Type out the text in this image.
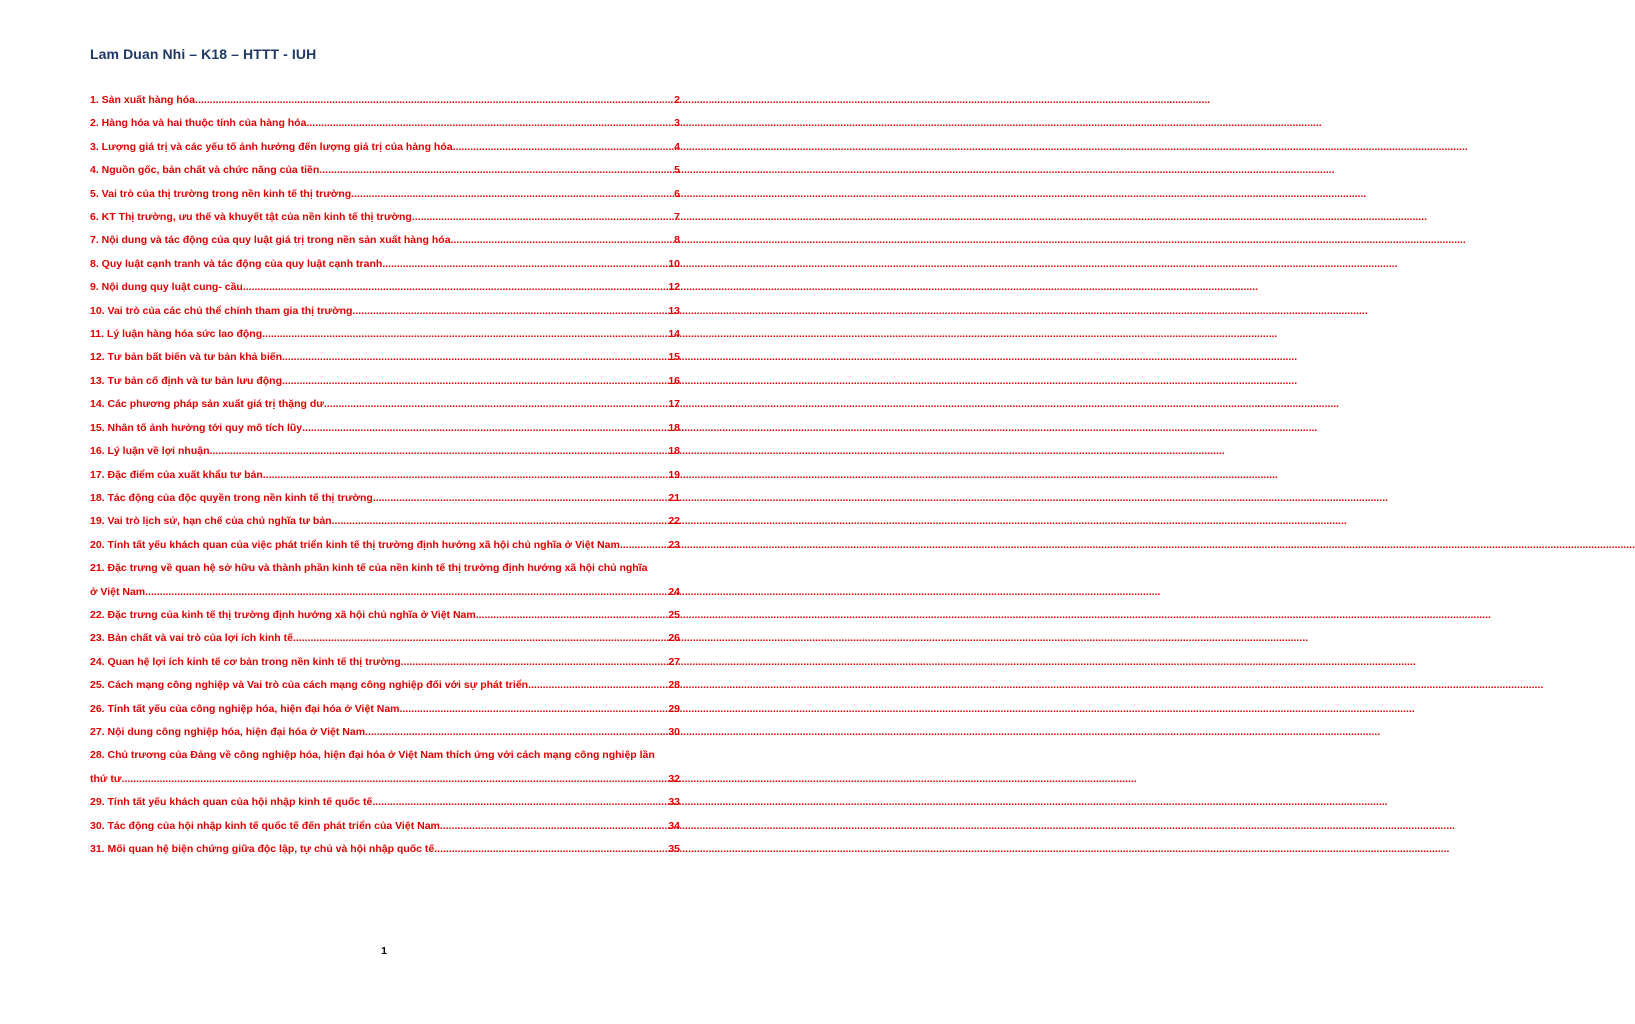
Lam Duan Nhi – K18 – HTTT - IUH
1. Sản xuất hàng hóa .....	2
2. Hàng hóa và hai thuộc tính của hàng hóa .....	3
3. Lượng giá trị và các yếu tố ảnh hưởng đến lượng giá trị của hàng hóa .....	4
4. Nguồn gốc, bản chất và chức năng của tiền .....	5
5. Vai trò của thị trường trong nền kinh tế thị trường .....	6
6. KT Thị trường, ưu thế và khuyết tật của nền kinh tế thị trường .....	7
7. Nội dung và tác động của quy luật giá trị trong nền sản xuất hàng hóa .....	8
8. Quy luật cạnh tranh và tác động của quy luật cạnh tranh .....	10
9. Nội dung quy luật cung- cầu .....	12
10. Vai trò của các chủ thể chính tham gia thị trường .....	13
11. Lý luận hàng hóa sức lao động .....	14
12. Tư bản bất biến và tư bản khả biến .....	15
13. Tư bản cố định và tư bản lưu động .....	16
14. Các phương pháp sản xuất giá trị thặng dư .....	17
15. Nhân tố ảnh hưởng tới quy mô tích lũy .....	18
16. Lý luận về lợi nhuận .....	18
17. Đặc điểm của xuất khẩu tư bản .....	19
18. Tác động của độc quyền trong nền kinh tế thị trường .....	21
19. Vai trò lịch sử, hạn chế của chủ nghĩa tư bản .....	22
20. Tính tất yếu khách quan của việc phát triển kinh tế thị trường định hướng xã hội chủ nghĩa ở Việt Nam .....	23
21. Đặc trưng về quan hệ sở hữu và thành phần kinh tế của nền kinh tế thị trường định hướng xã hội chủ nghĩa
ở Việt Nam .....	24
22. Đặc trưng của kinh tế thị trường định hướng xã hội chủ nghĩa ở Việt Nam .....	25
23. Bản chất và vai trò của lợi ích kinh tế .....	26
24. Quan hệ lợi ích kinh tế cơ bản trong nền kinh tế thị trường .....	27
25. Cách mạng công nghiệp và Vai trò của cách mạng công nghiệp đối với sự phát triển .....	28
26. Tính tất yếu của công nghiệp hóa, hiện đại hóa ở Việt Nam .....	29
27. Nội dung công nghiệp hóa, hiện đại hóa ở Việt Nam .....	30
28. Chủ trương của Đảng về công nghiệp hóa, hiện đại hóa ở Việt Nam thích ứng với cách mạng công nghiệp lần
thứ tư .....	32
29. Tính tất yếu khách quan của hội nhập kinh tế quốc tế .....	33
30. Tác động của hội nhập kinh tế quốc tế đến phát triển của Việt Nam .....	34
31. Mối quan hệ biện chứng giữa độc lập, tự chủ và hội nhập quốc tế .....	35
1
